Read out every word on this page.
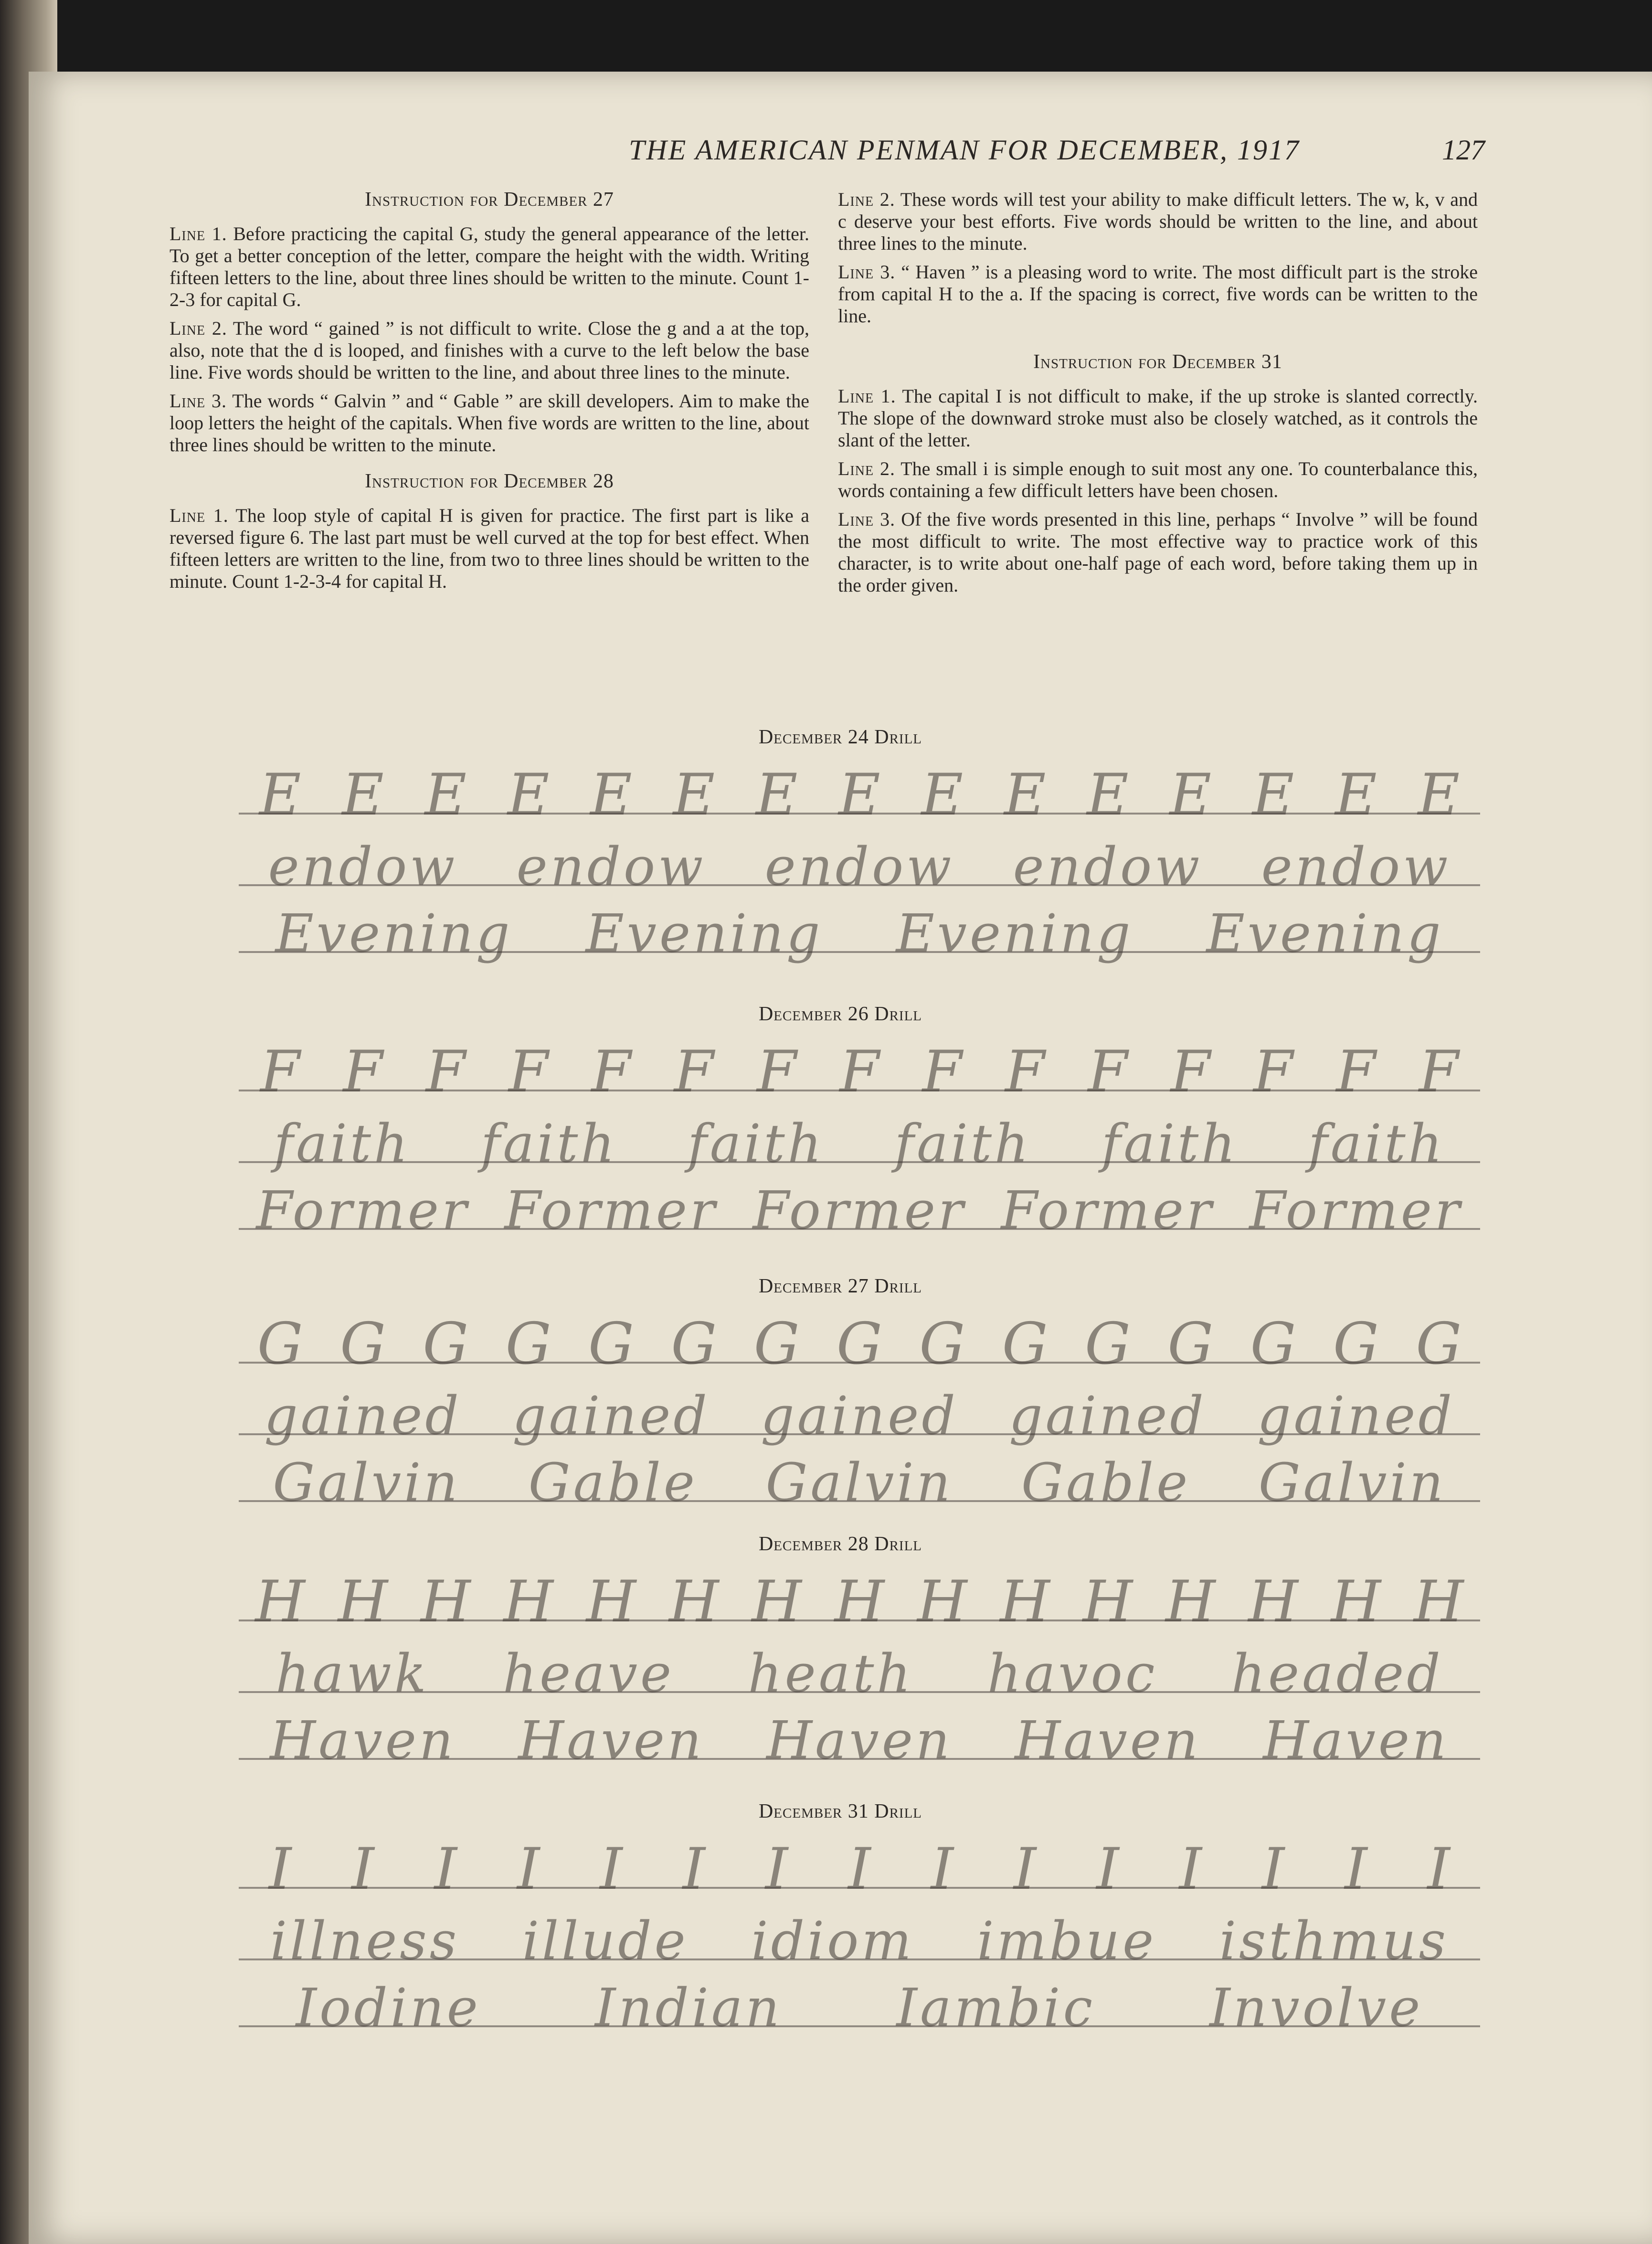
THE AMERICAN PENMAN FOR DECEMBER, 1917	127
Instruction for December 27

Line 1. Before practicing the capital G, study the general appearance of the letter. To get a better conception of the letter, compare the height with the width. Writing fifteen letters to the line, about three lines should be written to the minute. Count 1-2-3 for capital G.

Line 2. The word “ gained ” is not difficult to write. Close the g and a at the top, also, note that the d is looped, and finishes with a curve to the left below the base line. Five words should be written to the line, and about three lines to the minute.

Line 3. The words “ Galvin ” and “ Gable ” are skill developers. Aim to make the loop letters the height of the capitals. When five words are written to the line, about three lines should be written to the minute.

Instruction for December 28

Line 1. The loop style of capital H is given for practice. The first part is like a reversed figure 6. The last part must be well curved at the top for best effect. When fifteen letters are written to the line, from two to three lines should be written to the minute. Count 1-2-3-4 for capital H.

Line 2. These words will test your ability to make difficult letters. The w, k, v and c deserve your best efforts. Five words should be written to the line, and about three lines to the minute.

Line 3. “ Haven ” is a pleasing word to write. The most difficult part is the stroke from capital H to the a. If the spacing is correct, five words can be written to the line.

Instruction for December 31

Line 1. The capital I is not difficult to make, if the up stroke is slanted correctly. The slope of the downward stroke must also be closely watched, as it controls the slant of the letter.

Line 2. The small i is simple enough to suit most any one. To counterbalance this, words containing a few difficult letters have been chosen.

Line 3. Of the five words presented in this line, perhaps “ Involve ” will be found the most difficult to write. The most effective way to practice work of this character, is to write about one-half page of each word, before taking them up in the order given.

December 24 Drill
E E E E E E E E E E E E E E E
endow endow endow endow endow
Evening Evening Evening Evening
December 26 Drill
F F F F F F F F F F F F F F F
faith faith faith faith faith faith
Former Former Former Former Former
December 27 Drill
G G G G G G G G G G G G G G G
gained gained gained gained gained
Galvin Gable Galvin Gable Galvin
December 28 Drill
H H H H H H H H H H H H H H H
hawk heave heath havoc headed
Haven Haven Haven Haven Haven
December 31 Drill
I I I I I I I I I I I I I I I
illness illude idiom imbue isthmus
Iodine Indian Iambic Involve
